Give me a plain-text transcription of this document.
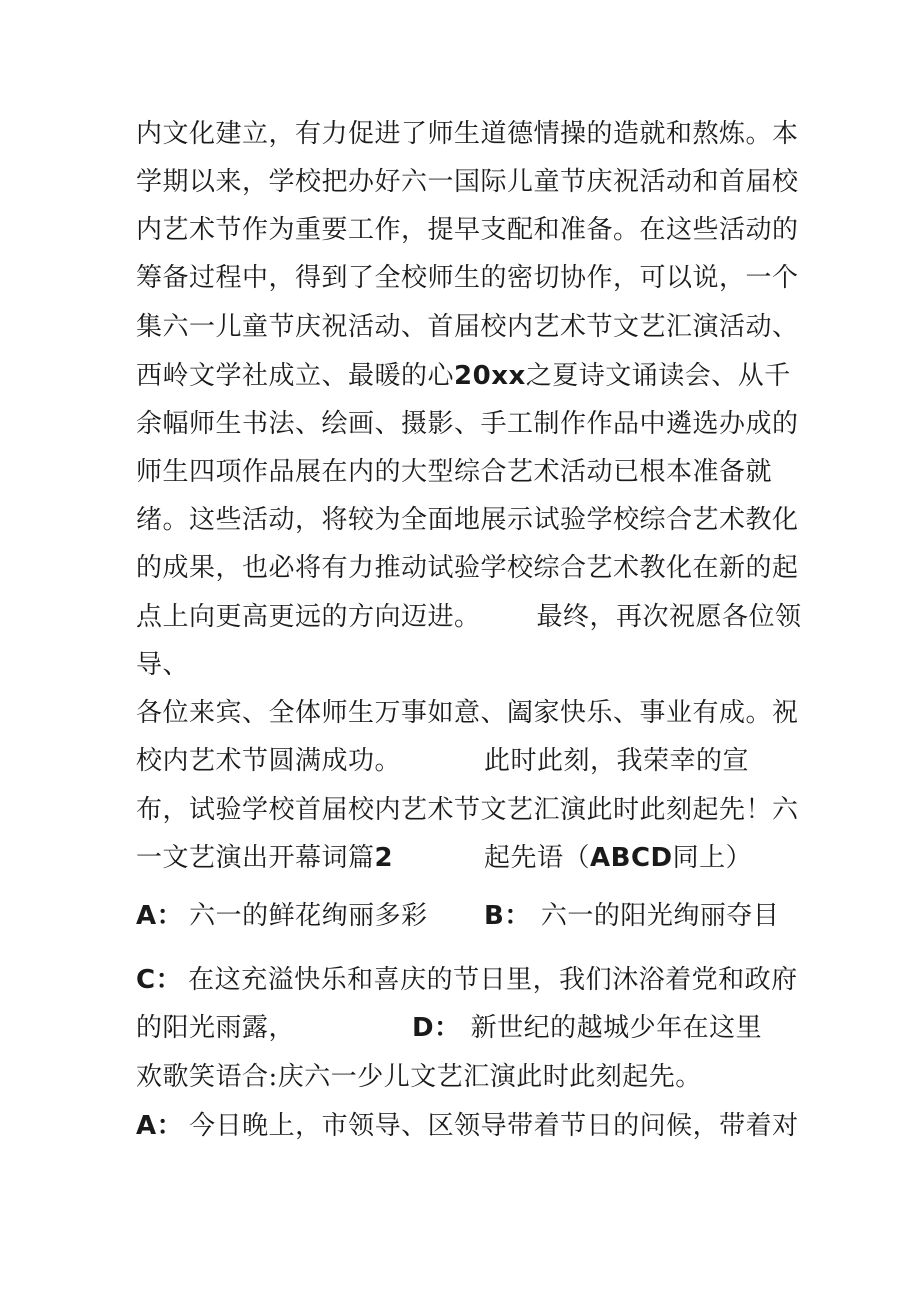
内文化建立，有力促进了师生道德情操的造就和熬炼。本
学期以来，学校把办好六一国际儿童节庆祝活动和首届校
内艺术节作为重要工作，提早支配和准备。在这些活动的
筹备过程中，得到了全校师生的密切协作，可以说，一个
集六一儿童节庆祝活动、首届校内艺术节文艺汇演活动、
西岭文学社成立、最暖的心20xx之夏诗文诵读会、从千
余幅师生书法、绘画、摄影、手工制作作品中遴选办成的
师生四项作品展在内的大型综合艺术活动已根本准备就
绪。这些活动，将较为全面地展示试验学校综合艺术教化
的成果，也必将有力推动试验学校综合艺术教化在新的起
点上向更高更远的方向迈进。 最终，再次祝愿各位领
导、
各位来宾、全体师生万事如意、阖家快乐、事业有成。祝
校内艺术节圆满成功。	此时此刻，我荣幸的宣
布，试验学校首届校内艺术节文艺汇演此时此刻起先！六
一文艺演出开幕词篇2	起先语（ABCD同上）
A： 六一的鲜花绚丽多彩 B： 六一的阳光绚丽夺目
C： 在这充溢快乐和喜庆的节日里，我们沐浴着党和政府
的阳光雨露，	D： 新世纪的越城少年在这里
欢歌笑语合:庆六一少儿文艺汇演此时此刻起先。
A： 今日晚上，市领导、区领导带着节日的问候，带着对
